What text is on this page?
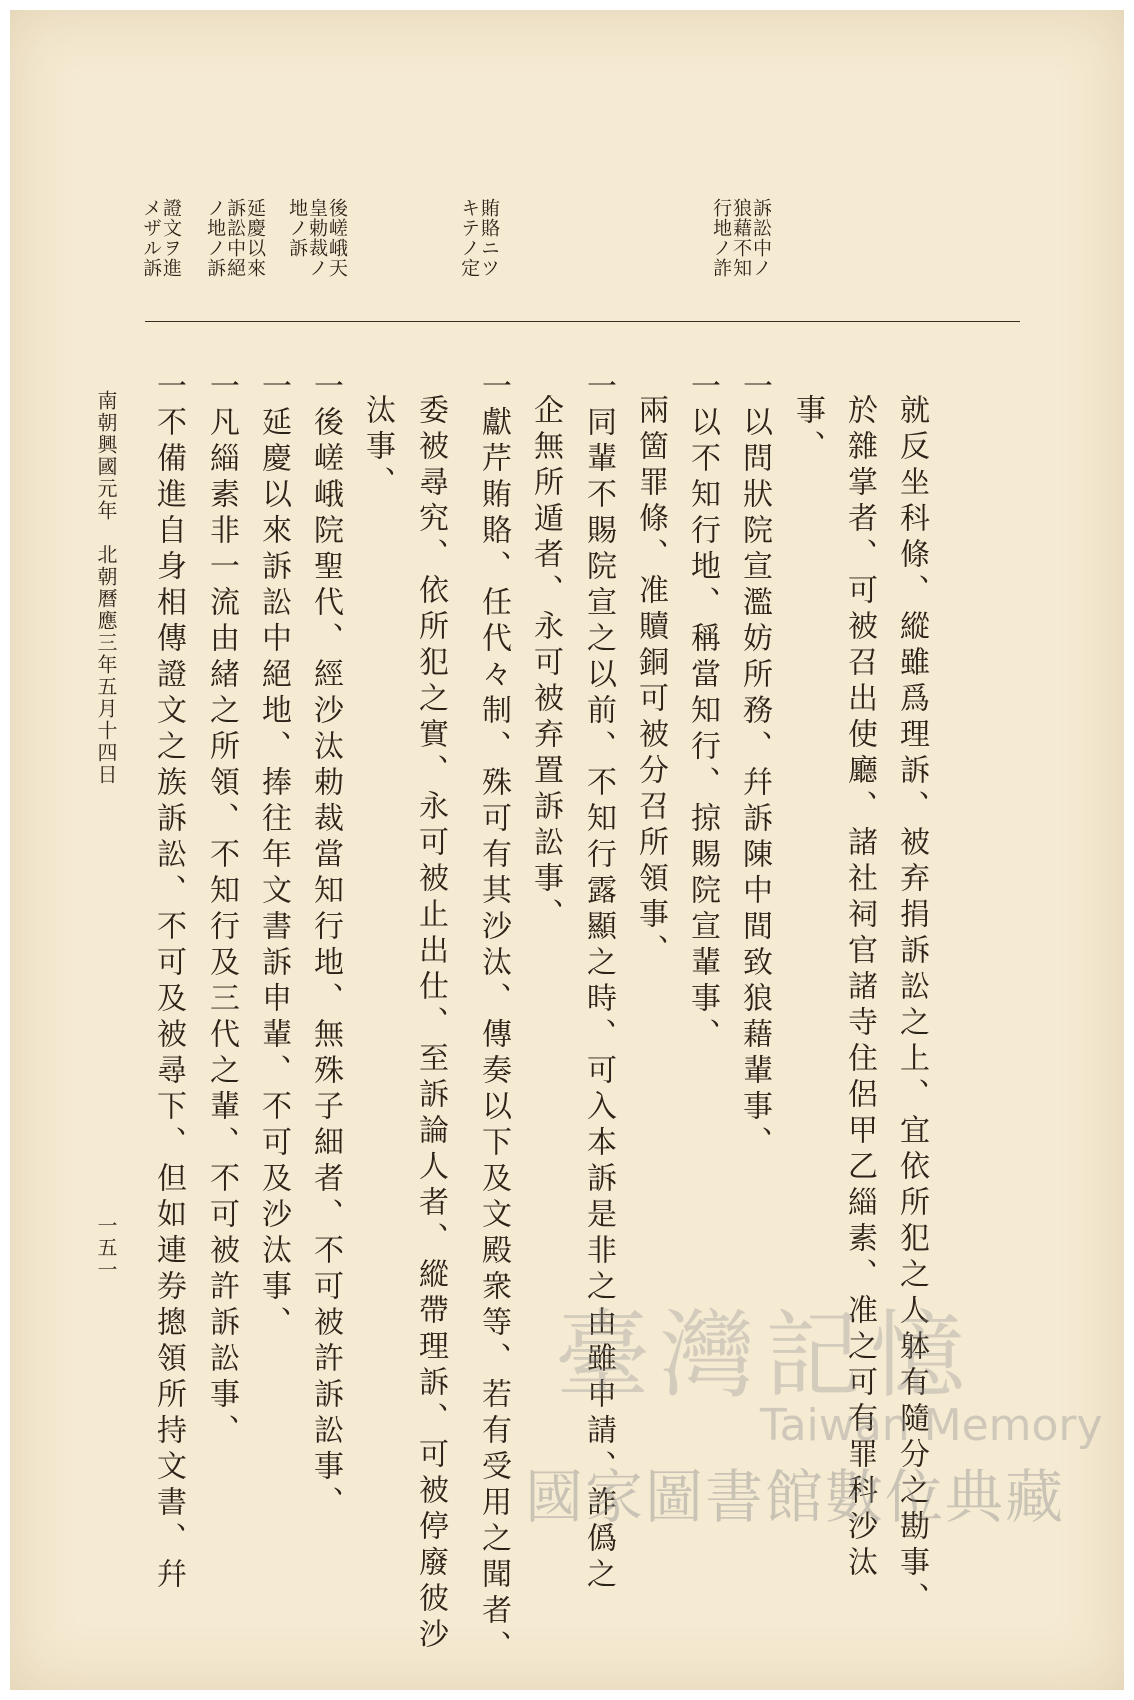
訴訟中ノ狼藉不知行地ノ詐
賄賂ニツキテノ定
後嵯峨天皇勅裁ノ地ノ訴
延慶以來訴訟中絕ノ地ノ訴
證文ヲ進メザル訴
就反坐科條、縱雖爲理訴、被弃捐訴訟之上、宜依所犯之人躰有隨分之勘事、
於雜掌者、可被召出使廳、諸社祠官諸寺住侶甲乙緇素、准之可有罪科沙汰
事、
一以問狀院宣濫妨所務、幷訴陳中間致狼藉輩事、
一以不知行地、稱當知行、掠賜院宣輩事、
兩箇罪條、准贖銅可被分召所領事、
一同輩不賜院宣之以前、不知行露顯之時、可入本訴是非之由雖申請、詐僞之
企無所遁者、永可被弃置訴訟事、
一獻芹賄賂、任代々制、殊可有其沙汰、傳奏以下及文殿衆等、若有受用之聞者、
委被尋究、依所犯之實、永可被止出仕、至訴論人者、縱帶理訴、可被停廢彼沙
汰事、
一後嵯峨院聖代、經沙汰勅裁當知行地、無殊子細者、不可被許訴訟事、
一延慶以來訴訟中絕地、捧往年文書訴申輩、不可及沙汰事、
一凡緇素非一流由緒之所領、不知行及三代之輩、不可被許訴訟事、
一不備進自身相傳證文之族訴訟、不可及被尋下、但如連券摠領所持文書、幷
南朝興國元年　北朝曆應三年五月十四日
一五一
臺灣記憶
Taiwan Memory
國家圖書館數位典藏
